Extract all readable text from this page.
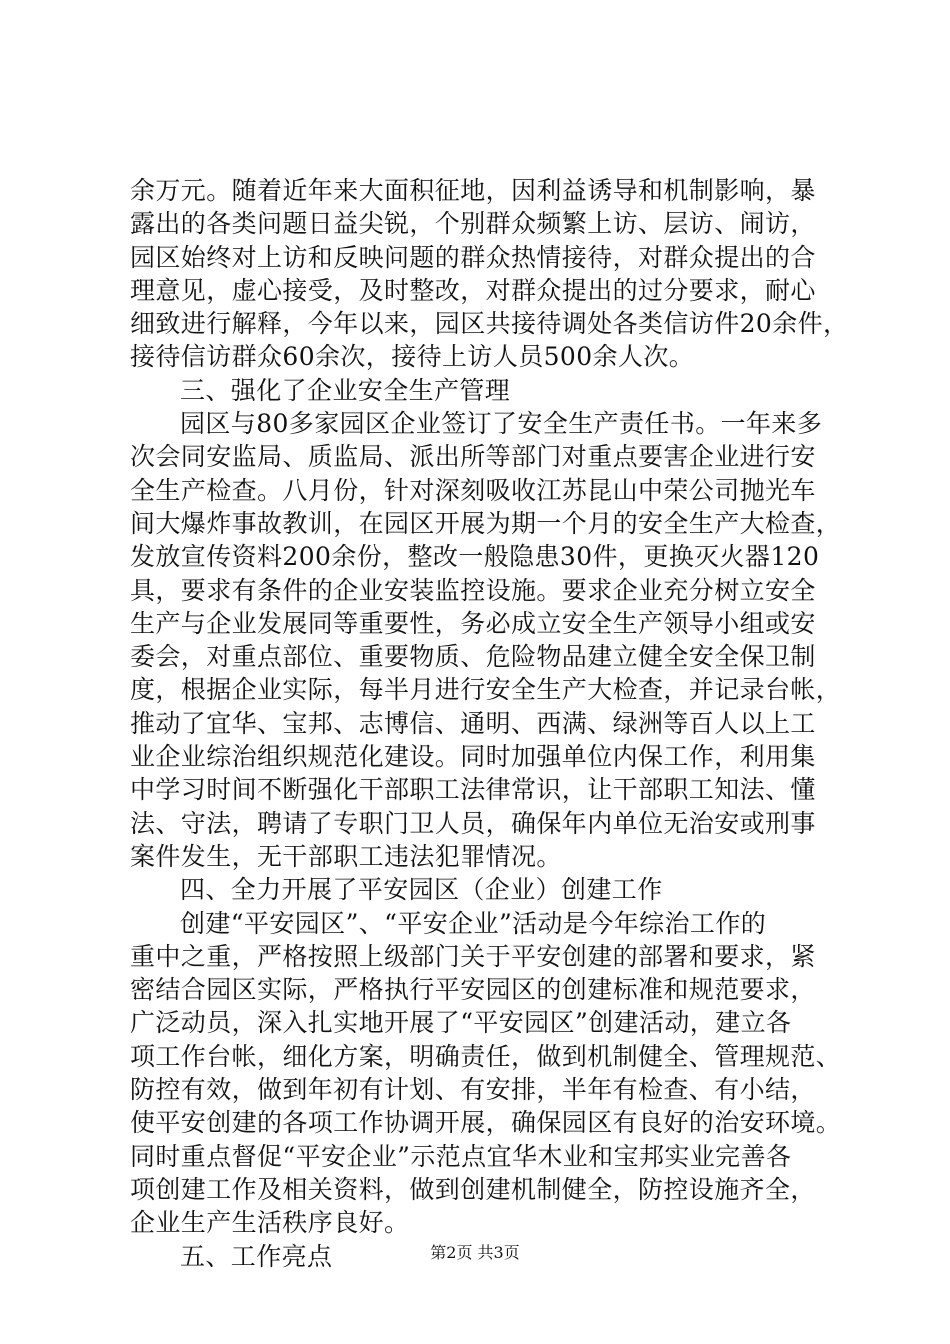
余万元。随着近年来大面积征地，因利益诱导和机制影响，暴
露出的各类问题日益尖锐，个别群众频繁上访、层访、闹访，
园区始终对上访和反映问题的群众热情接待，对群众提出的合
理意见，虚心接受，及时整改，对群众提出的过分要求，耐心
细致进行解释，今年以来，园区共接待调处各类信访件20余件，
接待信访群众60余次，接待上访人员500余人次。
三、强化了企业安全生产管理
园区与80多家园区企业签订了安全生产责任书。一年来多
次会同安监局、质监局、派出所等部门对重点要害企业进行安
全生产检查。八月份，针对深刻吸收江苏昆山中荣公司抛光车
间大爆炸事故教训，在园区开展为期一个月的安全生产大检查，
发放宣传资料200余份，整改一般隐患30件，更换灭火器120
具，要求有条件的企业安装监控设施。要求企业充分树立安全
生产与企业发展同等重要性，务必成立安全生产领导小组或安
委会，对重点部位、重要物质、危险物品建立健全安全保卫制
度，根据企业实际，每半月进行安全生产大检查，并记录台帐，
推动了宜华、宝邦、志博信、通明、西满、绿洲等百人以上工
业企业综治组织规范化建设。同时加强单位内保工作，利用集
中学习时间不断强化干部职工法律常识，让干部职工知法、懂
法、守法，聘请了专职门卫人员，确保年内单位无治安或刑事
案件发生，无干部职工违法犯罪情况。
四、全力开展了平安园区（企业）创建工作
创建“平安园区”、“平安企业”活动是今年综治工作的
重中之重，严格按照上级部门关于平安创建的部署和要求，紧
密结合园区实际，严格执行平安园区的创建标准和规范要求，
广泛动员，深入扎实地开展了“平安园区”创建活动，建立各
项工作台帐，细化方案，明确责任，做到机制健全、管理规范、
防控有效，做到年初有计划、有安排，半年有检查、有小结，
使平安创建的各项工作协调开展，确保园区有良好的治安环境。
同时重点督促“平安企业”示范点宜华木业和宝邦实业完善各
项创建工作及相关资料，做到创建机制健全，防控设施齐全，
企业生产生活秩序良好。
五、工作亮点	第2页 共3页
